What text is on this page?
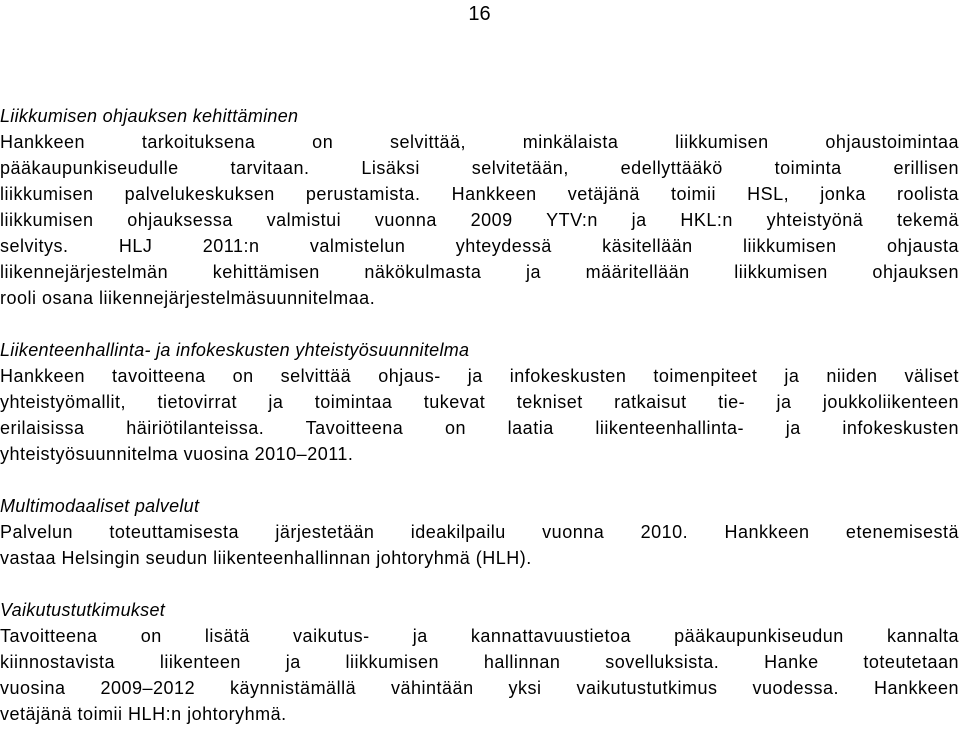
16

Liikkumisen ohjauksen kehittäminen

Hankkeen tarkoituksena on selvittää, minkälaista liikkumisen ohjaustoimintaa

pääkaupunkiseudulle tarvitaan. Lisäksi selvitetään, edellyttääkö toiminta erillisen

liikkumisen palvelukeskuksen perustamista. Hankkeen vetäjänä toimii HSL, jonka roolista

liikkumisen ohjauksessa valmistui vuonna 2009 YTV:n ja HKL:n yhteistyönä tekemä

selvitys. HLJ 2011:n valmistelun yhteydessä käsitellään liikkumisen ohjausta

liikennejärjestelmän kehittämisen näkökulmasta ja määritellään liikkumisen ohjauksen

rooli osana liikennejärjestelmäsuunnitelmaa.

Liikenteenhallinta- ja infokeskusten yhteistyösuunnitelma

Hankkeen tavoitteena on selvittää ohjaus- ja infokeskusten toimenpiteet ja niiden väliset

yhteistyömallit, tietovirrat ja toimintaa tukevat tekniset ratkaisut tie- ja joukkoliikenteen

erilaisissa häiriötilanteissa. Tavoitteena on laatia liikenteenhallinta- ja infokeskusten

yhteistyösuunnitelma vuosina 2010–2011.

Multimodaaliset palvelut

Palvelun toteuttamisesta järjestetään ideakilpailu vuonna 2010. Hankkeen etenemisestä

vastaa Helsingin seudun liikenteenhallinnan johtoryhmä (HLH).

Vaikutustutkimukset

Tavoitteena on lisätä vaikutus- ja kannattavuustietoa pääkaupunkiseudun kannalta

kiinnostavista liikenteen ja liikkumisen hallinnan sovelluksista. Hanke toteutetaan

vuosina 2009–2012 käynnistämällä vähintään yksi vaikutustutkimus vuodessa. Hankkeen

vetäjänä toimii HLH:n johtoryhmä.
